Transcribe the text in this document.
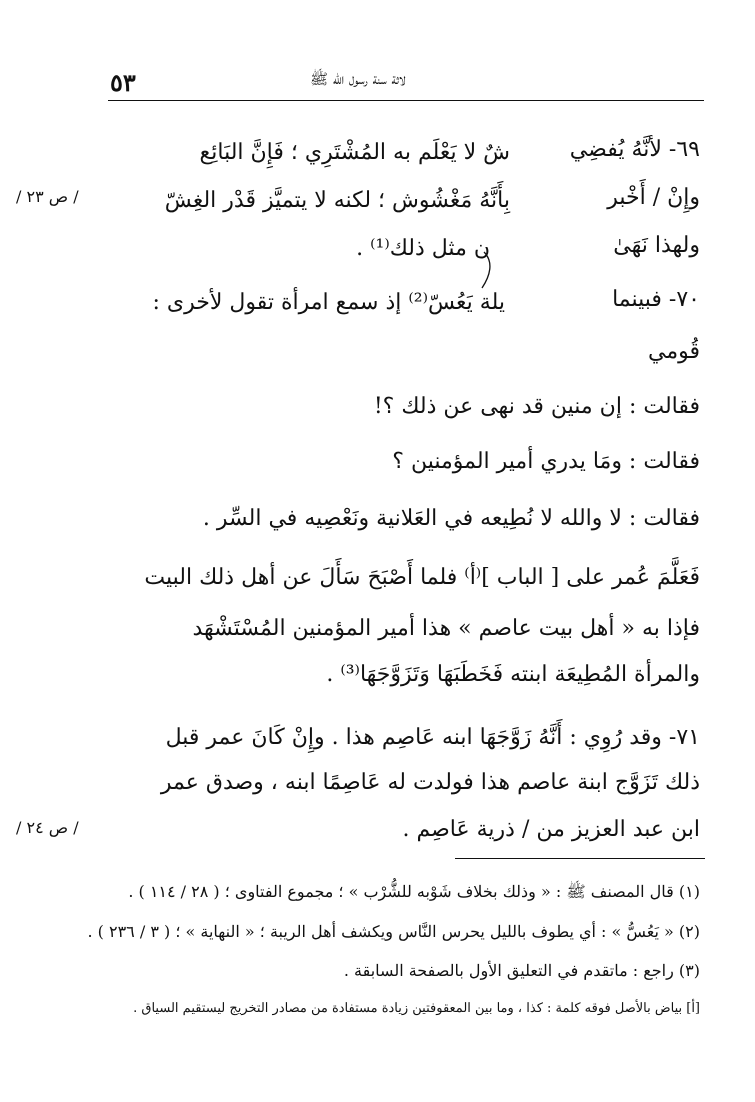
لاثة سنة رسول الله ﷺ
٥٣
/ ص ٢٣ /
/ ص ٢٤ /
٦٩- لأنَّهُ يُفضِي
شٌ لا يَعْلَم به المُشْتَرِي ؛ فَإِنَّ البَائِع
وإِنْ / أَخْبر
بِأَنَّهُ مَغْشُوش ؛ لكنه لا يتميَّز قَدْر الغِشّ
ولهذا نَهَىٰ
ن مثل ذلك⁽¹⁾ .
٧٠- فبينما
يلة يَعُسّ⁽²⁾ إذ سمع امرأة تقول لأخرى :
قُومي
فقالت : إن منين قد نهى عن ذلك ؟!
فقالت : ومَا يدري أمير المؤمنين ؟
فقالت : لا والله لا نُطِيعه في العَلانية ونَعْصِيه في السِّر .
فَعَلَّمَ عُمر على [ الباب ]⁽أ⁾ فلما أَصْبَحَ سَأَلَ عن أهل ذلك البيت
فإذا به « أهل بيت عاصم » هذا أمير المؤمنين المُسْتَشْهَد
والمرأة المُطِيعَة ابنته فَخَطَبَهَا وَتَزَوَّجَهَا⁽³⁾ .
٧١- وقد رُوِي : أَنَّهُ زَوَّجَهَا ابنه عَاصِم هذا . وإِنْ كَانَ عمر قبل
ذلك تَزَوَّج ابنة عاصم هذا فولدت له عَاصِمًا ابنه ، وصدق عمر
ابن عبد العزيز من / ذرية عَاصِم .
(١) قال المصنف ﷺ : « وذلك بخلاف شَوْبه للشُّرْب » ؛ مجموع الفتاوى ؛ ( ٢٨ / ١١٤ ) .
(٢) « يَعُسُّ » : أي يطوف بالليل يحرس النَّاس ويكشف أهل الريبة ؛ « النهاية » ؛ ( ٣ / ٢٣٦ ) .
(٣) راجع : ماتقدم في التعليق الأول بالصفحة السابقة .
[أ] بياض بالأصل فوقه كلمة : كذا ، وما بين المعقوفتين زيادة مستفادة من مصادر التخريج ليستقيم السياق .
